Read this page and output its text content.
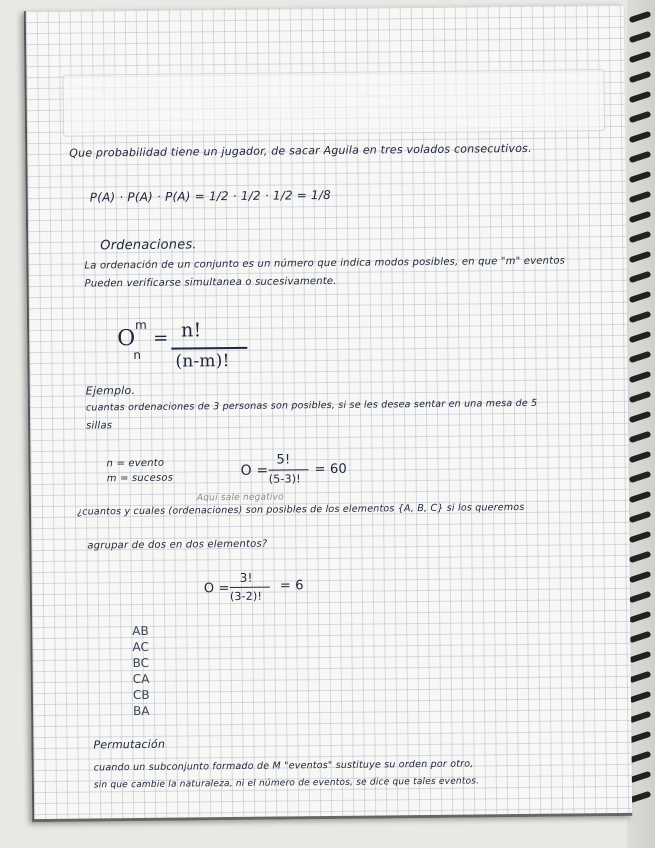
Que probabilidad tiene un jugador, de sacar Aguila en tres volados consecutivos.
P(A) · P(A) · P(A) = 1/2 · 1/2 · 1/2 = 1/8
Ordenaciones.
La ordenación de un conjunto es un número que indica modos posibles, en que "m" eventos
Pueden verificarse simultanea o sucesivamente.
O
m
n
= n!
(n-m)!
Ejemplo.
cuantas ordenaciones de 3 personas son posibles, si se les desea sentar en una mesa de 5
sillas
n = evento
m = sucesos	O =
5!
(5-3)!
= 60
Aqui sale negativo
¿cuantos y cuales (ordenaciones) son posibles de los elementos {A, B, C} si los queremos
agrupar de dos en dos elementos?
O =
3!
(3-2)!
= 6
AB
AC
BC
CA
CB
BA
Permutación
cuando un subconjunto formado de M "eventos" sustituye su orden por otro,
sin que cambie la naturaleza, ni el número de eventos, se dice que tales eventos.
